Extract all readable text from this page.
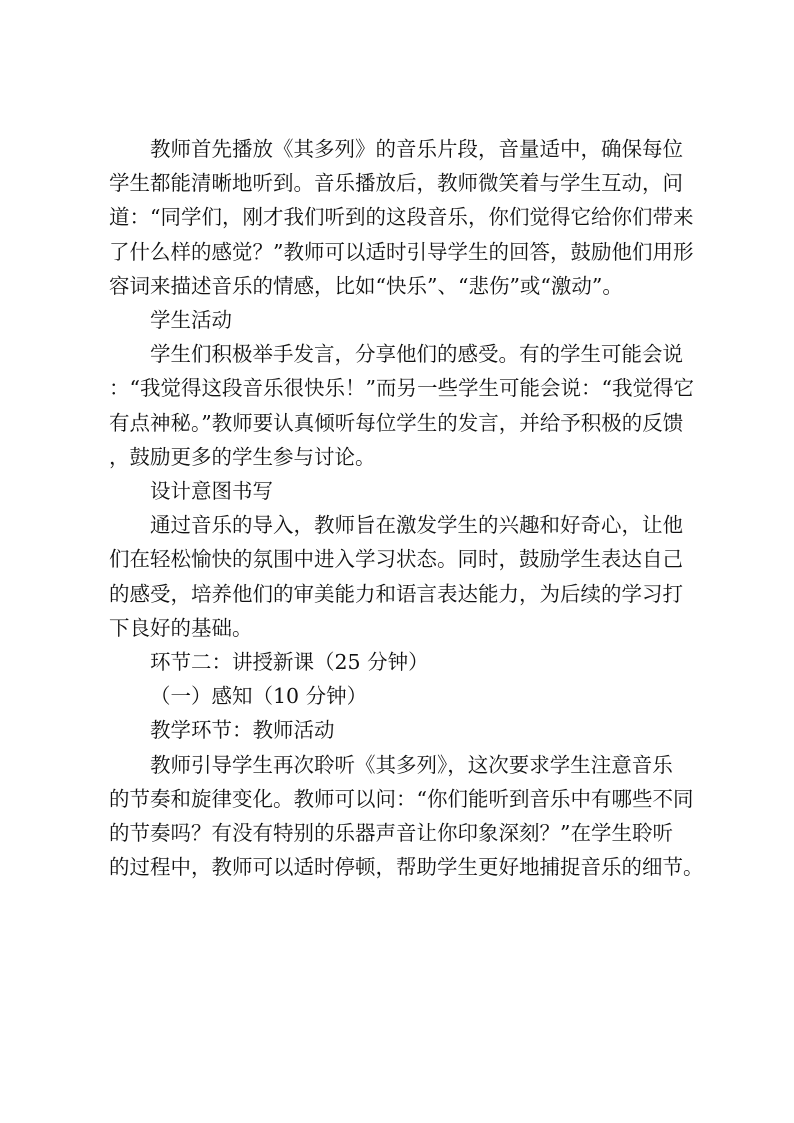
教师首先播放《其多列》的音乐片段，音量适中，确保每位
学生都能清晰地听到。音乐播放后，教师微笑着与学生互动，问
道：“同学们，刚才我们听到的这段音乐，你们觉得它给你们带来
了什么样的感觉？”教师可以适时引导学生的回答，鼓励他们用形
容词来描述音乐的情感，比如“快乐”、“悲伤”或“激动”。
学生活动
学生们积极举手发言，分享他们的感受。有的学生可能会说
：“我觉得这段音乐很快乐！”而另一些学生可能会说：“我觉得它
有点神秘。”教师要认真倾听每位学生的发言，并给予积极的反馈
，鼓励更多的学生参与讨论。
设计意图书写
通过音乐的导入，教师旨在激发学生的兴趣和好奇心，让他
们在轻松愉快的氛围中进入学习状态。同时，鼓励学生表达自己
的感受，培养他们的审美能力和语言表达能力，为后续的学习打
下良好的基础。
环节二：讲授新课（25 分钟）
（一）感知（10 分钟）
教学环节：教师活动
教师引导学生再次聆听《其多列》，这次要求学生注意音乐
的节奏和旋律变化。教师可以问：“你们能听到音乐中有哪些不同
的节奏吗？有没有特别的乐器声音让你印象深刻？”在学生聆听
的过程中，教师可以适时停顿，帮助学生更好地捕捉音乐的细节。
